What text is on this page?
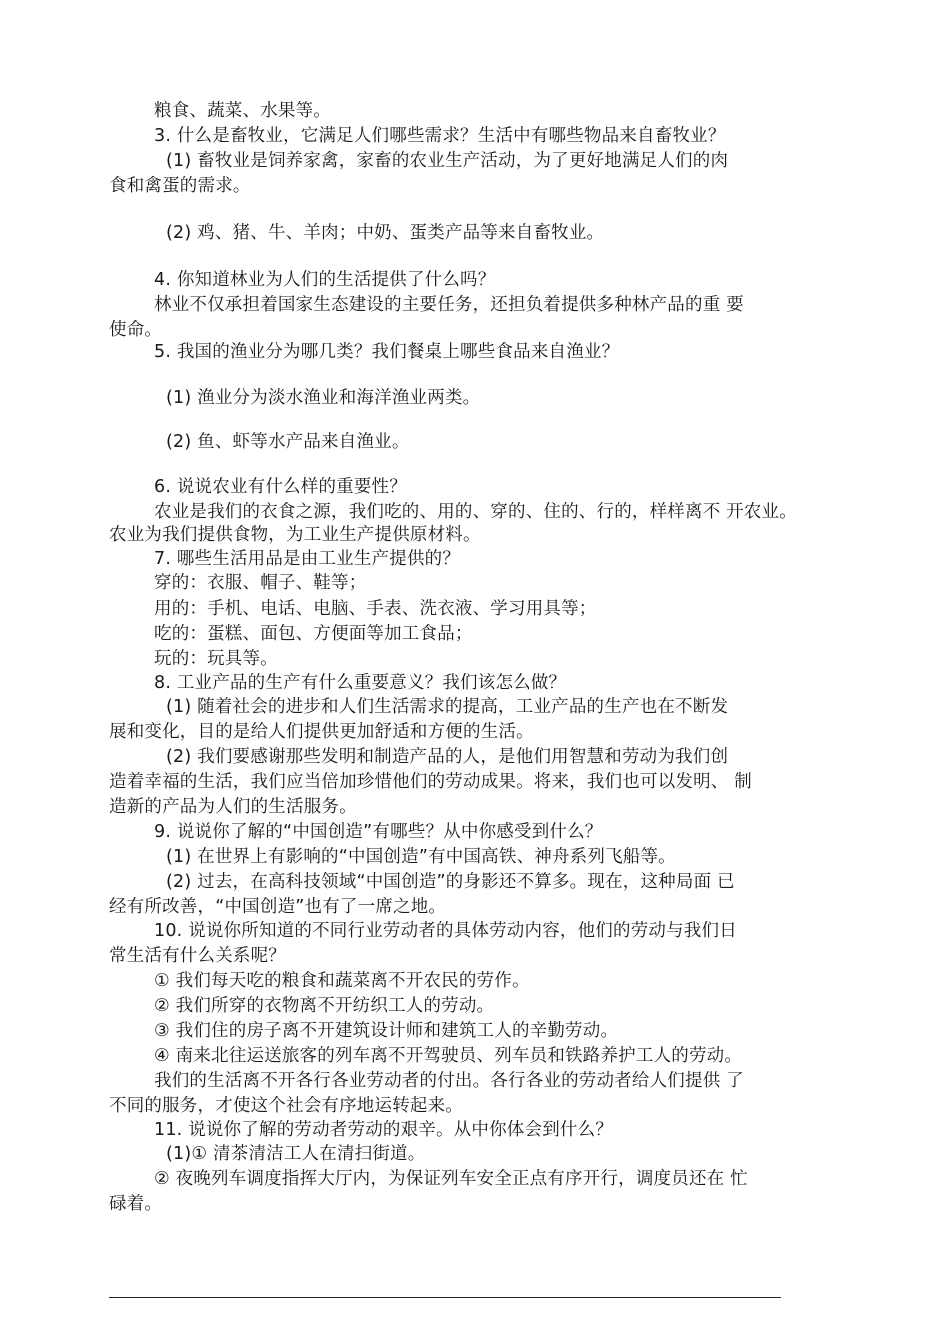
粮食、蔬菜、水果等。
3. 什么是畜牧业，它满足人们哪些需求？生活中有哪些物品来自畜牧业？
(1) 畜牧业是饲养家禽，家畜的农业生产活动，为了更好地满足人们的肉
食和禽蛋的需求。
(2) 鸡、猪、牛、羊肉；中奶、蛋类产品等来自畜牧业。
4. 你知道林业为人们的生活提供了什么吗？
林业不仅承担着国家生态建设的主要任务，还担负着提供多种林产品的重 要
使命。
5. 我国的渔业分为哪几类？我们餐桌上哪些食品来自渔业？
(1) 渔业分为淡水渔业和海洋渔业两类。
(2) 鱼、虾等水产品来自渔业。
6. 说说农业有什么样的重要性？
农业是我们的衣食之源，我们吃的、用的、穿的、住的、行的，样样离不 开农业。
农业为我们提供食物，为工业生产提供原材料。
7. 哪些生活用品是由工业生产提供的？
穿的：衣服、帽子、鞋等；
用的：手机、电话、电脑、手表、洗衣液、学习用具等；
吃的：蛋糕、面包、方便面等加工食品；
玩的：玩具等。
8. 工业产品的生产有什么重要意义？我们该怎么做？
(1) 随着社会的进步和人们生活需求的提高，工业产品的生产也在不断发
展和变化，目的是给人们提供更加舒适和方便的生活。
(2) 我们要感谢那些发明和制造产品的人，是他们用智慧和劳动为我们创
造着幸福的生活，我们应当倍加珍惜他们的劳动成果。将来，我们也可以发明、 制
造新的产品为人们的生活服务。
9. 说说你了解的“中国创造”有哪些？从中你感受到什么？
(1) 在世界上有影响的“中国创造”有中国高铁、神舟系列飞船等。
(2) 过去，在高科技领域“中国创造”的身影还不算多。现在，这种局面 已
经有所改善，“中国创造”也有了一席之地。
10. 说说你所知道的不同行业劳动者的具体劳动内容，他们的劳动与我们日
常生活有什么关系呢？
① 我们每天吃的粮食和蔬菜离不开农民的劳作。
② 我们所穿的衣物离不开纺织工人的劳动。
③ 我们住的房子离不开建筑设计师和建筑工人的辛勤劳动。
④ 南来北往运送旅客的列车离不开驾驶员、列车员和铁路养护工人的劳动。
我们的生活离不开各行各业劳动者的付出。各行各业的劳动者给人们提供 了
不同的服务，才使这个社会有序地运转起来。
11. 说说你了解的劳动者劳动的艰辛。从中你体会到什么？
(1)① 清茶清洁工人在清扫街道。
② 夜晚列车调度指挥大厅内，为保证列车安全正点有序开行，调度员还在 忙
碌着。
